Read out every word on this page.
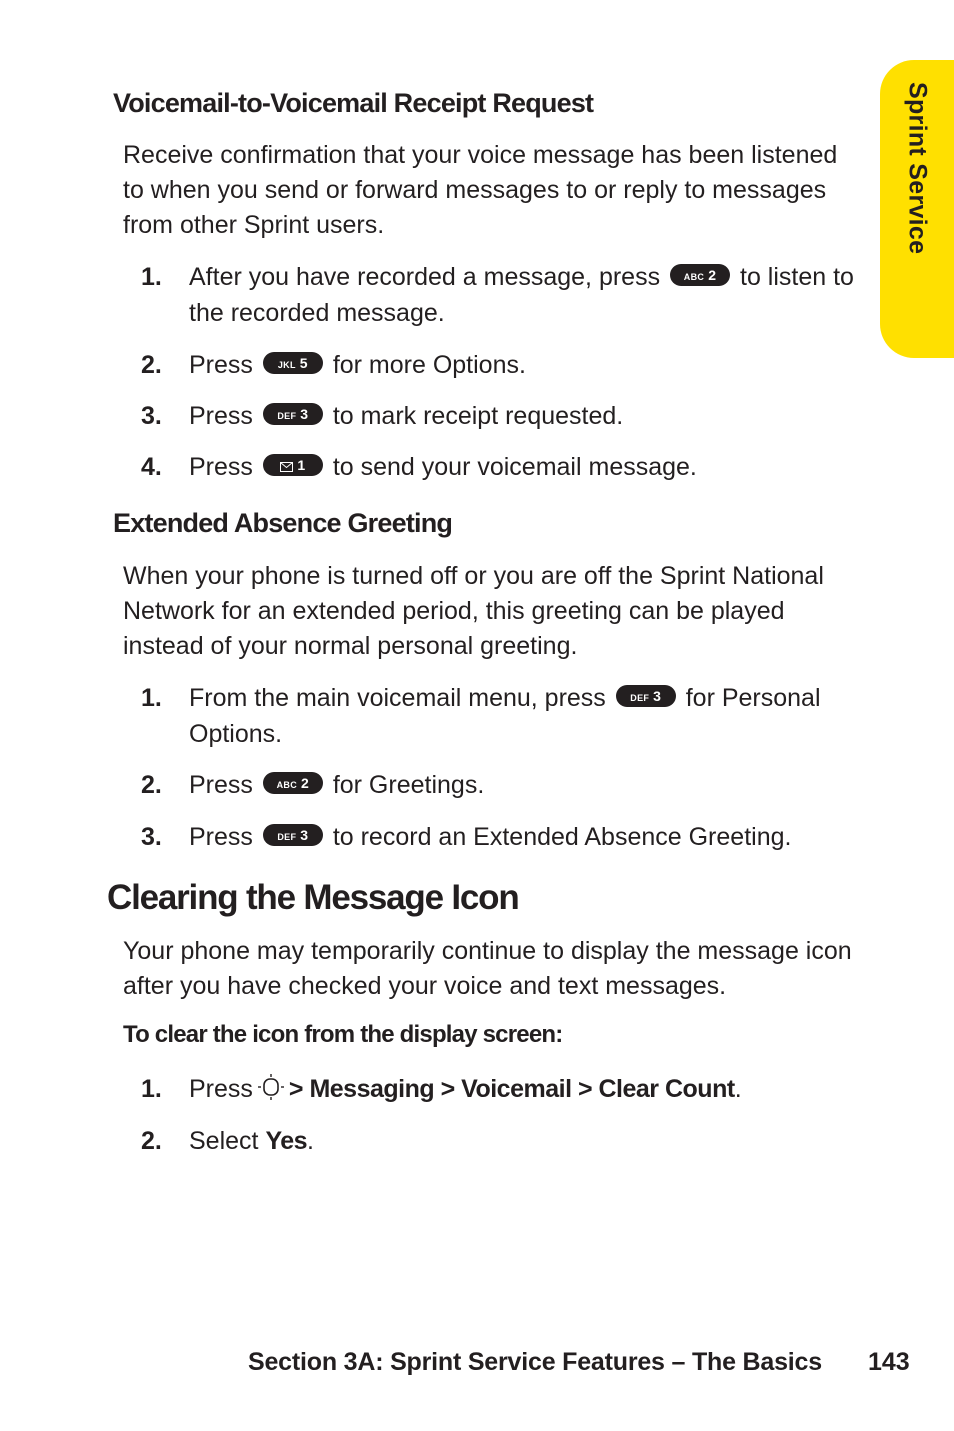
Sprint Service
Voicemail-to-Voicemail Receipt Request

Receive confirmation that your voice message has been listened to when you send or forward messages to or reply to messages from other Sprint users.

1. After you have recorded a message, press	ABC 2 to listen to the recorded message.
2. Press	JKL 5 for more Options.
3. Press	DEF 3 to mark receipt requested.
4. Press	1 to send your voicemail message.
Extended Absence Greeting

When your phone is turned off or you are off the Sprint National Network for an extended period, this greeting can be played instead of your normal personal greeting.

1. From the main voicemail menu, press	DEF 3 for Personal Options.
2. Press	ABC 2 for Greetings.
3. Press	DEF 3 to record an Extended Absence Greeting.
Clearing the Message Icon

Your phone may temporarily continue to display the message icon after you have checked your voice and text messages.

To clear the icon from the display screen:

1. Press > Messaging > Voicemail > Clear Count.
2. Select Yes.
Section 3A: Sprint Service Features – The Basics 143
